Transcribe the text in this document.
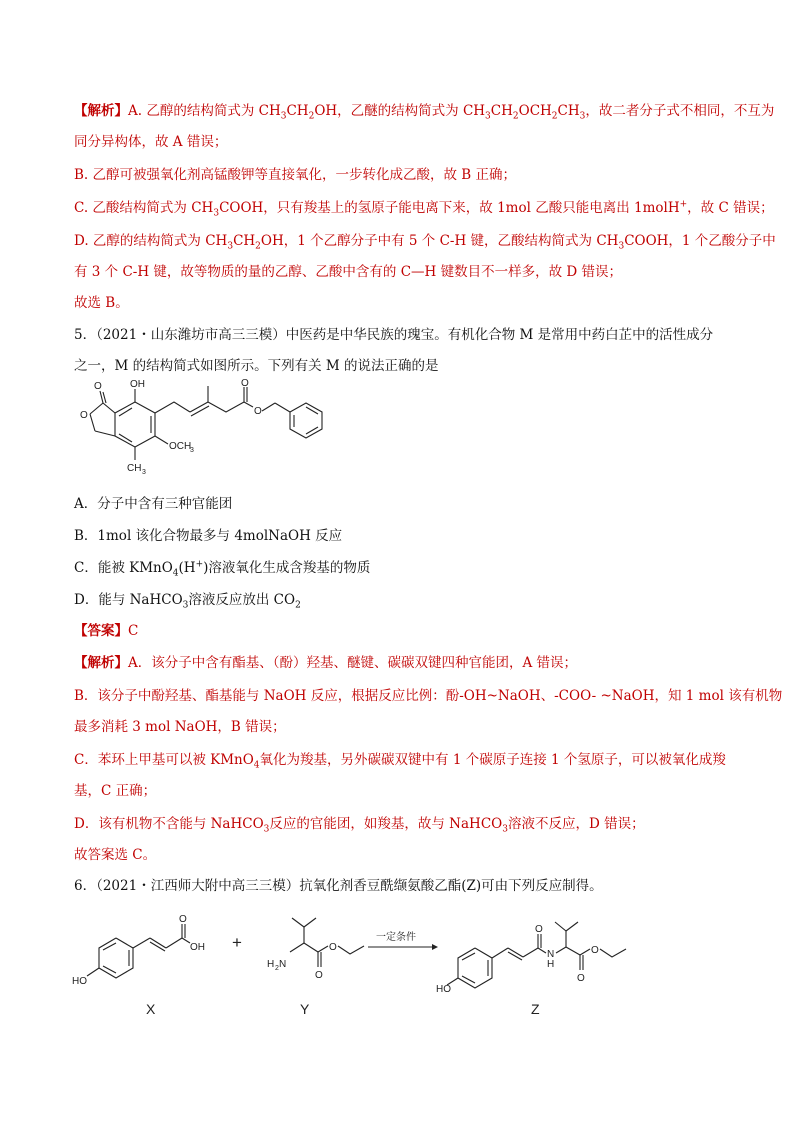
【解析】A. 乙醇的结构简式为 $CH_3CH_2OH$，乙醚的结构简式为 $CH_3CH_2OCH_2CH_3$，故二者分子式不相同，不互为
同分异构体，故 A 错误；
B. 乙醇可被强氧化剂高锰酸钾等直接氧化，一步转化成乙酸，故 B 正确；
C. 乙酸结构简式为 $CH_3COOH$，只有羧基上的氢原子能电离下来，故 1mol 乙酸只能电离出 1molH+，故 C 错误；
D. 乙醇的结构简式为 $CH_3CH_2OH$，1 个乙醇分子中有 5 个 C-H 键，乙酸结构简式为 $CH_3COOH$，1 个乙酸分子中
有 3 个 C-H 键，故等物质的量的乙醇、乙酸中含有的 C—H 键数目不一样多，故 D 错误；
故选 B。
5．（2021・山东潍坊市高三三模）中医药是中华民族的瑰宝。有机化合物 M 是常用中药白芷中的活性成分
之一，M 的结构简式如图所示。下列有关 M 的说法正确的是
OH
O
O
OCH
3
CH 3
O
O
A．分子中含有三种官能团
B．1mol 该化合物最多与 4molNaOH 反应
C．能被 KMnO$_4$(H+)溶液氧化生成含羧基的物质
D．能与 NaHCO$_3$溶液反应放出 $CO_2$
【答案】C
【解析】A．该分子中含有酯基、（酚）羟基、醚键、碳碳双键四种官能团，A 错误；
B．该分子中酚羟基、酯基能与 NaOH 反应，根据反应比例：酚-OH~NaOH、-COO- ~NaOH，知 1 mol 该有机物
最多消耗 3 mol NaOH，B 错误；
C．苯环上甲基可以被 KMnO$_4$氧化为羧基，另外碳碳双键中有 1 个碳原子连接 1 个氢原子，可以被氧化成羧
基，C 正确；
D．该有机物不含能与 NaHCO$_3$反应的官能团，如羧基，故与 NaHCO$_3$溶液不反应，D 错误；
故答案选 C。
6．（2021・江西师大附中高三三模）抗氧化剂香豆酰缬氨酸乙酯(Z)可由下列反应制得。
HO
OH
O
+
H 2 N
O
O
一定条件
HO
O
N
H
O
O
X	Y	Z
